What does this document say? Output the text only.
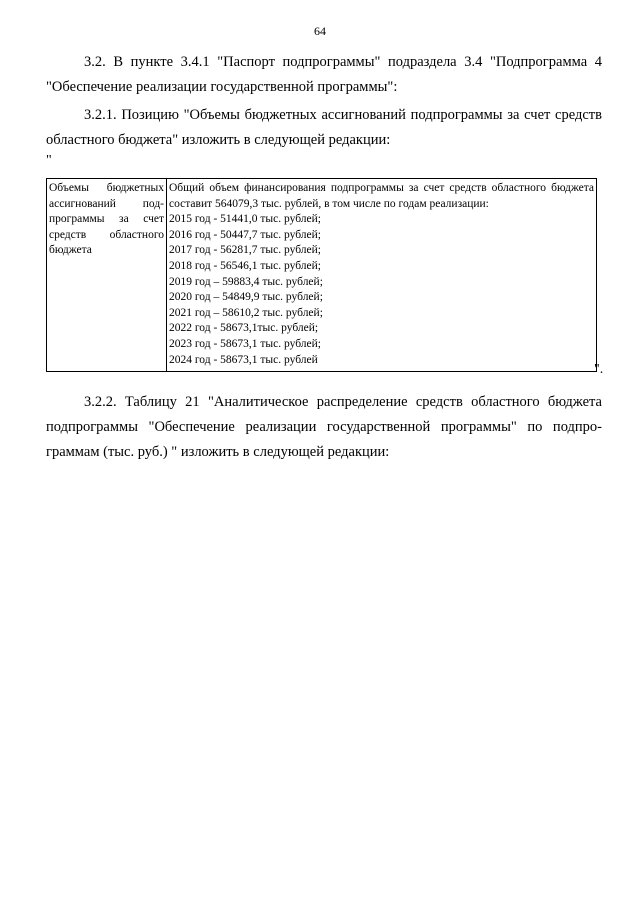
64
3.2. В пункте 3.4.1 "Паспорт подпрограммы" подраздела 3.4 "Подпрограмма 4 "Обеспечение реализации государственной программы":
3.2.1. Позицию "Объемы бюджетных ассигнований подпрограммы за счет средств областного бюджета" изложить в следующей редакции:
"
Объемы бюджетных ассигнований под-программы за счет средств областного бюджета	Общий объем финансирования подпрограммы за счет средств областного бюджета составит 564079,3 тыс. рублей, в том числе по годам реализации:
2015 год - 51441,0 тыс. рублей;
2016 год - 50447,7 тыс. рублей;
2017 год - 56281,7 тыс. рублей;
2018 год - 56546,1 тыс. рублей;
2019 год – 59883,4 тыс. рублей;
2020 год – 54849,9 тыс. рублей;
2021 год – 58610,2 тыс. рублей;
2022 год - 58673,1тыс. рублей;
2023 год - 58673,1 тыс. рублей;
2024 год - 58673,1 тыс. рублей
".
3.2.2. Таблицу 21 "Аналитическое распределение средств областного бюджета подпрограммы "Обеспечение реализации государственной программы" по подпро-граммам (тыс. руб.) " изложить в следующей редакции:
